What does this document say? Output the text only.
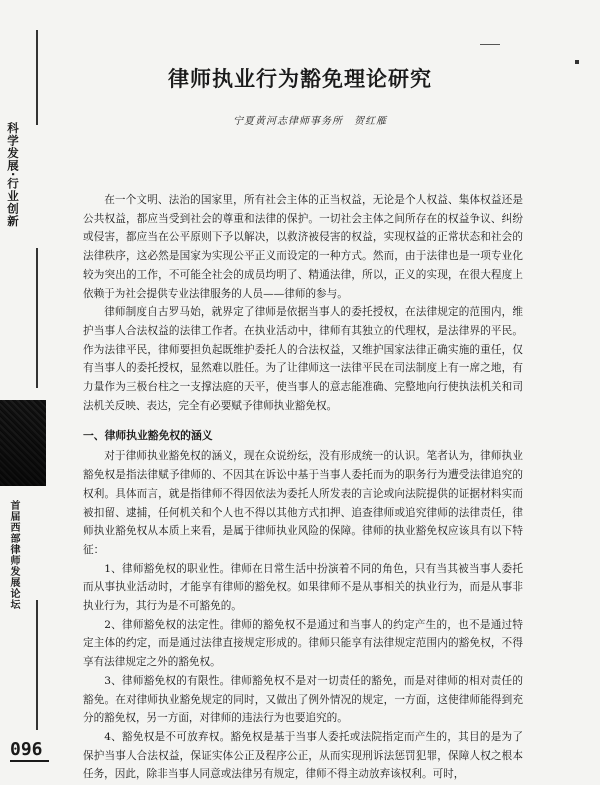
科学发展·行业创新
首届西部律师发展论坛
096
律师执业行为豁免理论研究
宁夏黄河志律师事务所　贺红雁

在一个文明、法治的国家里，所有社会主体的正当权益，无论是个人权益、集体权益还是公共权益，都应当受到社会的尊重和法律的保护。一切社会主体之间所存在的权益争议、纠纷或侵害，都应当在公平原则下予以解决，以救济被侵害的权益，实现权益的正常状态和社会的法律秩序，这必然是国家为实现公平正义而设定的一种方式。然而，由于法律也是一项专业化较为突出的工作，不可能全社会的成员均明了、精通法律，所以，正义的实现，在很大程度上依赖于为社会提供专业法律服务的人员——律师的参与。

律师制度自古罗马始，就界定了律师是依据当事人的委托授权，在法律规定的范围内，维护当事人合法权益的法律工作者。在执业活动中，律师有其独立的代理权，是法律界的平民。作为法律平民，律师要担负起既维护委托人的合法权益，又维护国家法律正确实施的重任，仅有当事人的委托授权，显然难以胜任。为了让律师这一法律平民在司法制度上有一席之地，有力量作为三极台柱之一支撑法庭的天平，使当事人的意志能准确、完整地向行使执法机关和司法机关反映、表达，完全有必要赋予律师执业豁免权。

一、律师执业豁免权的涵义

对于律师执业豁免权的涵义，现在众说纷纭，没有形成统一的认识。笔者认为，律师执业豁免权是指法律赋予律师的、不因其在诉讼中基于当事人委托而为的职务行为遭受法律追究的权利。具体而言，就是指律师不得因依法为委托人所发表的言论或向法院提供的证据材料实而被扣留、逮捕，任何机关和个人也不得以其他方式扣押、追查律师或追究律师的法律责任，律师执业豁免权从本质上来看，是属于律师执业风险的保障。律师的执业豁免权应该具有以下特征：

1、律师豁免权的职业性。律师在日常生活中扮演着不同的角色，只有当其被当事人委托而从事执业活动时，才能享有律师的豁免权。如果律师不是从事相关的执业行为，而是从事非执业行为，其行为是不可豁免的。

2、律师豁免权的法定性。律师的豁免权不是通过和当事人的约定产生的，也不是通过特定主体的约定，而是通过法律直接规定形成的。律师只能享有法律规定范围内的豁免权，不得享有法律规定之外的豁免权。

3、律师豁免权的有限性。律师豁免权不是对一切责任的豁免，而是对律师的相对责任的豁免。在对律师执业豁免规定的同时，又做出了例外情况的规定，一方面，这使律师能得到充分的豁免权，另一方面，对律师的违法行为也要追究的。

4、豁免权是不可放弃权。豁免权是基于当事人委托或法院指定而产生的，其目的是为了保护当事人合法权益，保证实体公正及程序公正，从而实现刑诉法惩罚犯罪，保障人权之根本任务，因此，除非当事人同意或法律另有规定，律师不得主动放弃该权利。可时，
